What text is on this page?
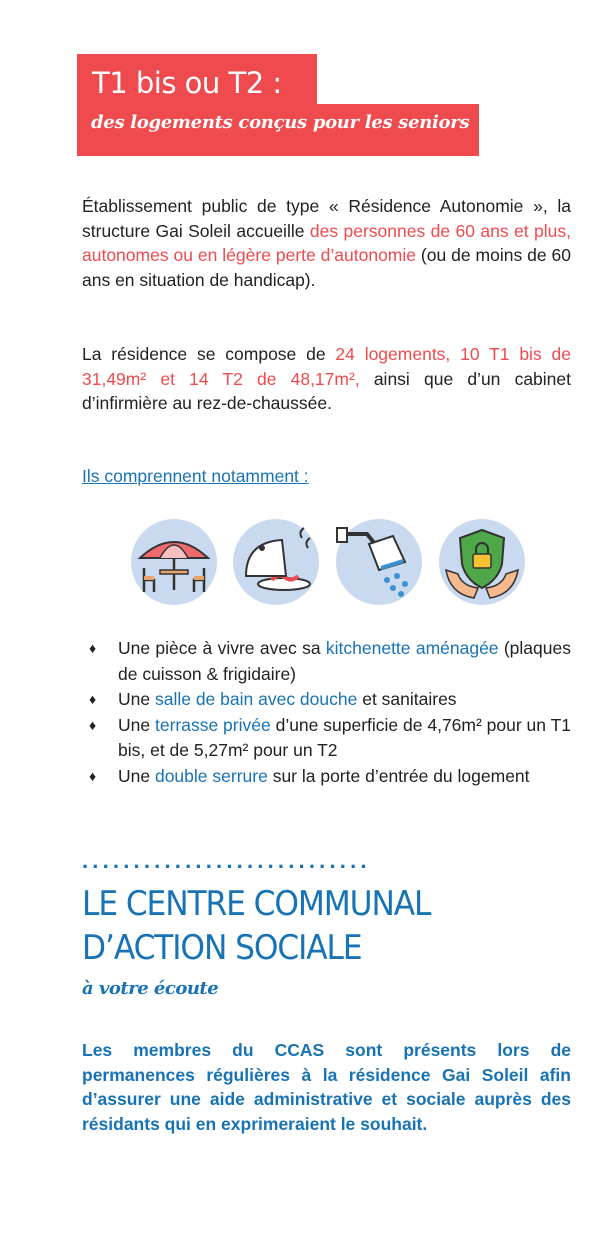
T1 bis ou T2 :
des logements conçus pour les seniors
Établissement public de type « Résidence Autonomie », la structure Gai Soleil accueille des personnes de 60 ans et plus, autonomes ou en légère perte d’autonomie (ou de moins de 60 ans en situation de handicap).
La résidence se compose de 24 logements, 10 T1 bis de 31,49m² et 14 T2 de 48,17m², ainsi que d’un cabinet d’infirmière au rez-de-chaussée.
Ils comprennent notamment :
♦ Une pièce à vivre avec sa kitchenette aménagée (plaques de cuisson & frigidaire)
♦ Une salle de bain avec douche et sanitaires
♦ Une terrasse privée d’une superficie de 4,76m² pour un T1 bis, et de 5,27m² pour un T2
♦ Une double serrure sur la porte d’entrée du logement
............................
LE CENTRE COMMUNAL
D’ACTION SOCIALE
à votre écoute
Les membres du CCAS sont présents lors de permanences régulières à la résidence Gai Soleil afin d’assurer une aide administrative et sociale auprès des résidants qui en exprimeraient le souhait.
